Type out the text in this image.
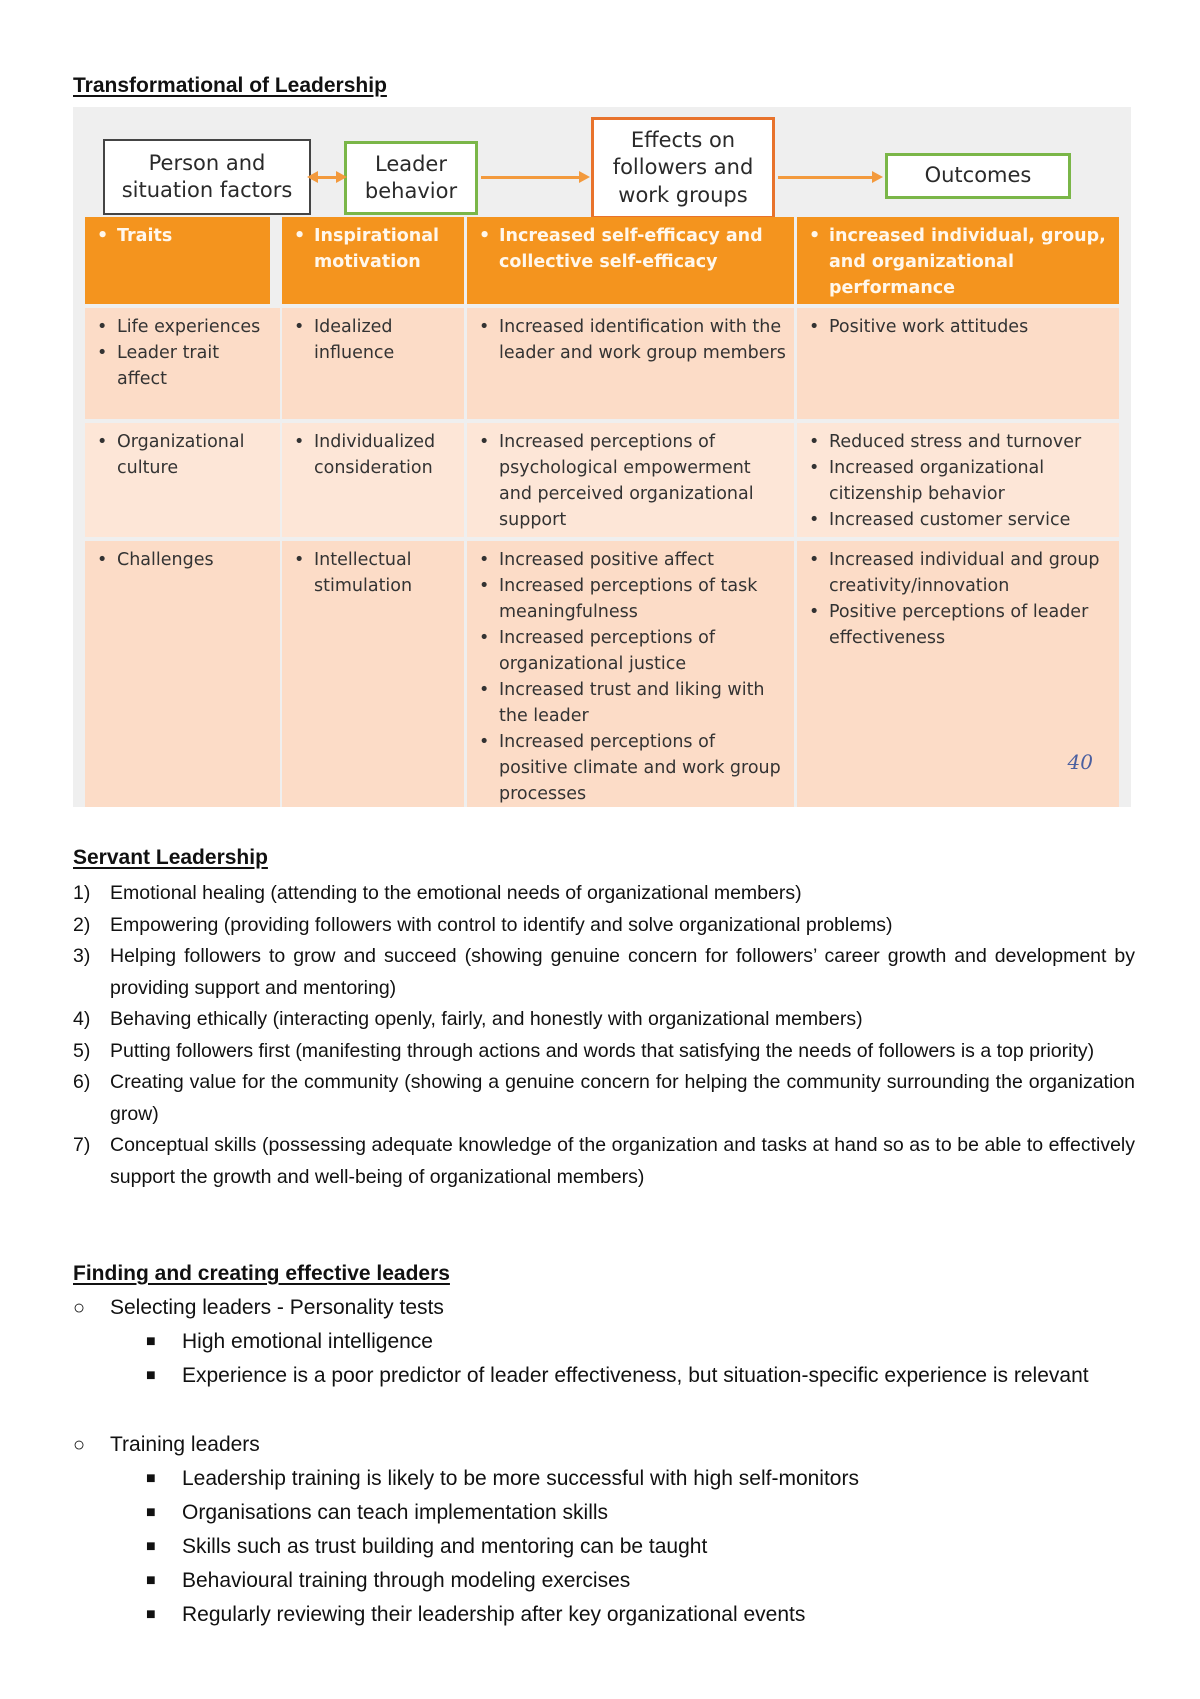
Transformational of Leadership
Person and situation factors
Leader behavior
Effects on followers and work groups
Outcomes
• Traits	• Inspirational motivation
• Increased self-efficacy and collective self-efficacy
• increased individual, group, and organizational performance
• Life experiences
• Leader trait affect
• Idealized influence
• Increased identification with the leader and work group members
• Positive work attitudes
• Organizational culture
• Individualized consideration
• Increased perceptions of psychological empowerment and perceived organizational support
• Reduced stress and turnover
• Increased organizational citizenship behavior
• Increased customer service
• Challenges	• Intellectual stimulation
• Increased positive affect
• Increased perceptions of task meaningfulness
• Increased perceptions of organizational justice
• Increased trust and liking with the leader
• Increased perceptions of positive climate and work group processes
• Increased individual and group creativity/innovation
• Positive perceptions of leader effectiveness
40
Servant Leadership
1) Emotional healing (attending to the emotional needs of organizational members)
2) Empowering (providing followers with control to identify and solve organizational problems)
3) Helping followers to grow and succeed (showing genuine concern for followers’ career growth and development by providing support and mentoring)
4) Behaving ethically (interacting openly, fairly, and honestly with organizational members)
5) Putting followers first (manifesting through actions and words that satisfying the needs of followers is a top priority)
6) Creating value for the community (showing a genuine concern for helping the community surrounding the organization grow)
7) Conceptual skills (possessing adequate knowledge of the organization and tasks at hand so as to be able to effectively support the growth and well-being of organizational members)
Finding and creating effective leaders
○ Selecting leaders - Personality tests
■ High emotional intelligence
■ Experience is a poor predictor of leader effectiveness, but situation-specific experience is relevant
○ Training leaders
■ Leadership training is likely to be more successful with high self-monitors
■ Organisations can teach implementation skills
■ Skills such as trust building and mentoring can be taught
■ Behavioural training through modeling exercises
■ Regularly reviewing their leadership after key organizational events
